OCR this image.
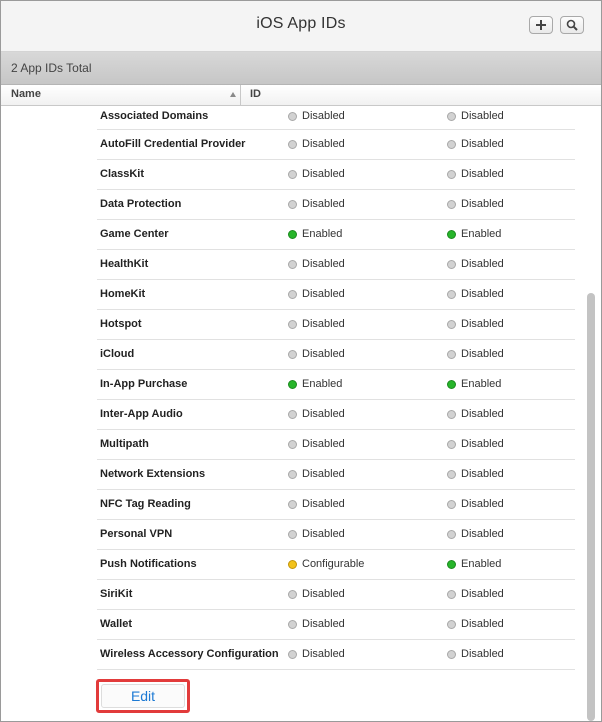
iOS App IDs
2 App IDs Total
Name	ID
Associated Domains	Disabled	Disabled
AutoFill Credential Provider	Disabled	Disabled
ClassKit	Disabled	Disabled
Data Protection	Disabled	Disabled
Game Center	Enabled	Enabled
HealthKit	Disabled	Disabled
HomeKit	Disabled	Disabled
Hotspot	Disabled	Disabled
iCloud	Disabled	Disabled
In-App Purchase	Enabled	Enabled
Inter-App Audio	Disabled	Disabled
Multipath	Disabled	Disabled
Network Extensions	Disabled	Disabled
NFC Tag Reading	Disabled	Disabled
Personal VPN	Disabled	Disabled
Push Notifications	Configurable	Enabled
SiriKit	Disabled	Disabled
Wallet	Disabled	Disabled
Wireless Accessory Configuration Disabled	Disabled
Edit
